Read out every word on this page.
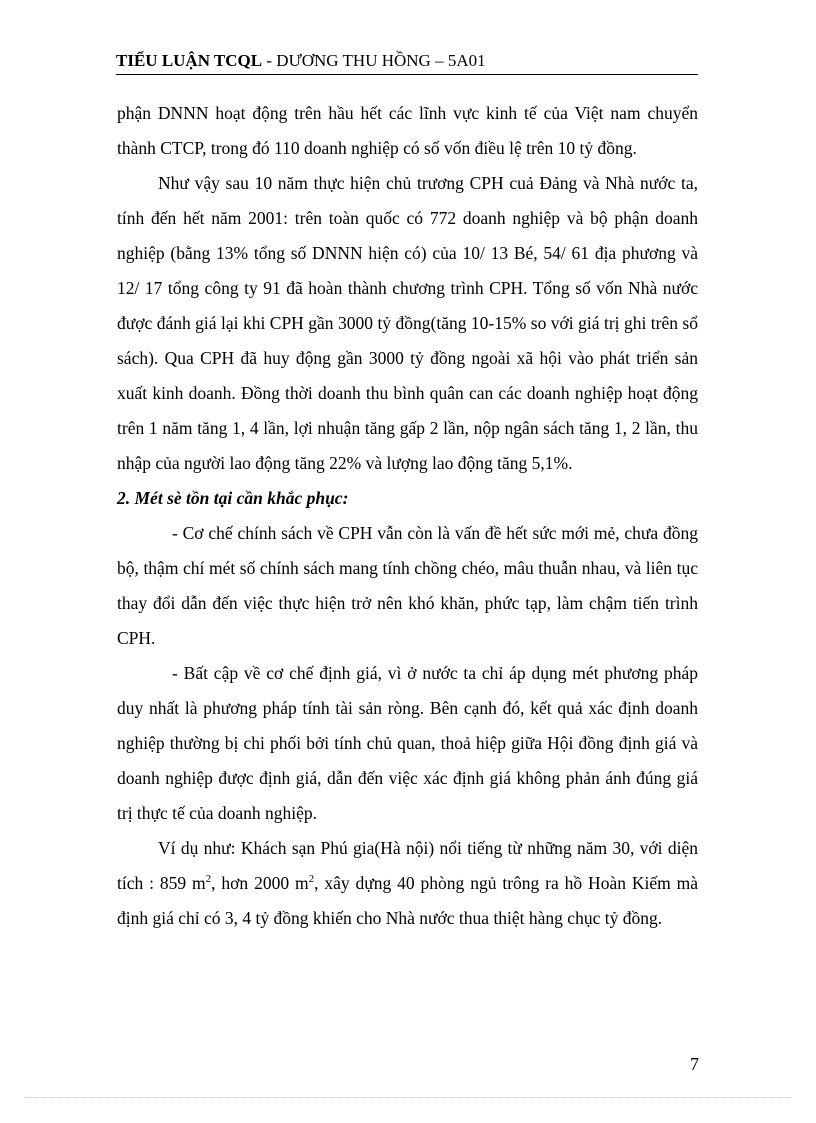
TIỂU LUẬN TCQL - DƯƠNG THU HỒNG – 5A01

phận DNNN hoạt động trên hầu hết các lĩnh vực kinh tế của Việt nam chuyển thành CTCP, trong đó 110 doanh nghiệp có số vốn điều lệ trên 10 tỷ đồng.

Như vậy sau 10 năm thực hiện chủ trương CPH cuả Đảng và Nhà nước ta, tính đến hết năm 2001: trên toàn quốc có 772 doanh nghiệp và bộ phận doanh nghiệp (bằng 13% tổng số DNNN hiện có) của 10/ 13 Bé, 54/ 61 địa phương và 12/ 17 tổng công ty 91 đã hoàn thành chương trình CPH. Tổng số vốn Nhà nước được đánh giá lại khi CPH gần 3000 tỷ đồng(tăng 10-15% so với giá trị ghi trên sổ sách). Qua CPH đã huy động gần 3000 tỷ đồng ngoài xã hội vào phát triển sản xuất kinh doanh. Đồng thời doanh thu bình quân can các doanh nghiệp hoạt động trên 1 năm tăng 1, 4 lần, lợi nhuận tăng gấp 2 lần, nộp ngân sách tăng 1, 2 lần, thu nhập của người lao động tăng 22% và lượng lao động tăng 5,1%.

2. Mét sè tồn tại cần khắc phục:

- Cơ chế chính sách về CPH vẫn còn là vấn đề hết sức mới mẻ, chưa đồng bộ, thậm chí mét số chính sách mang tính chồng chéo, mâu thuẫn nhau, và liên tục thay đổi dẫn đến việc thực hiện trở nên khó khăn, phức tạp, làm chậm tiến trình CPH.

- Bất cập về cơ chế định giá, vì ở nước ta chỉ áp dụng mét phương pháp duy nhất là phương pháp tính tài sản ròng. Bên cạnh đó, kết quả xác định doanh nghiệp thường bị chi phối bởi tính chủ quan, thoả hiệp giữa Hội đồng định giá và doanh nghiệp được định giá, dẫn đến việc xác định giá không phản ánh đúng giá trị thực tế của doanh nghiệp.

Ví dụ như: Khách sạn Phú gia(Hà nội) nổi tiếng từ những năm 30, với diện tích : 859 $m^2$, hơn 2000 $m^2$, xây dựng 40 phòng ngủ trông ra hồ Hoàn Kiếm mà định giá chỉ có 3, 4 tỷ đồng khiến cho Nhà nước thua thiệt hàng chục tỷ đồng.

7
